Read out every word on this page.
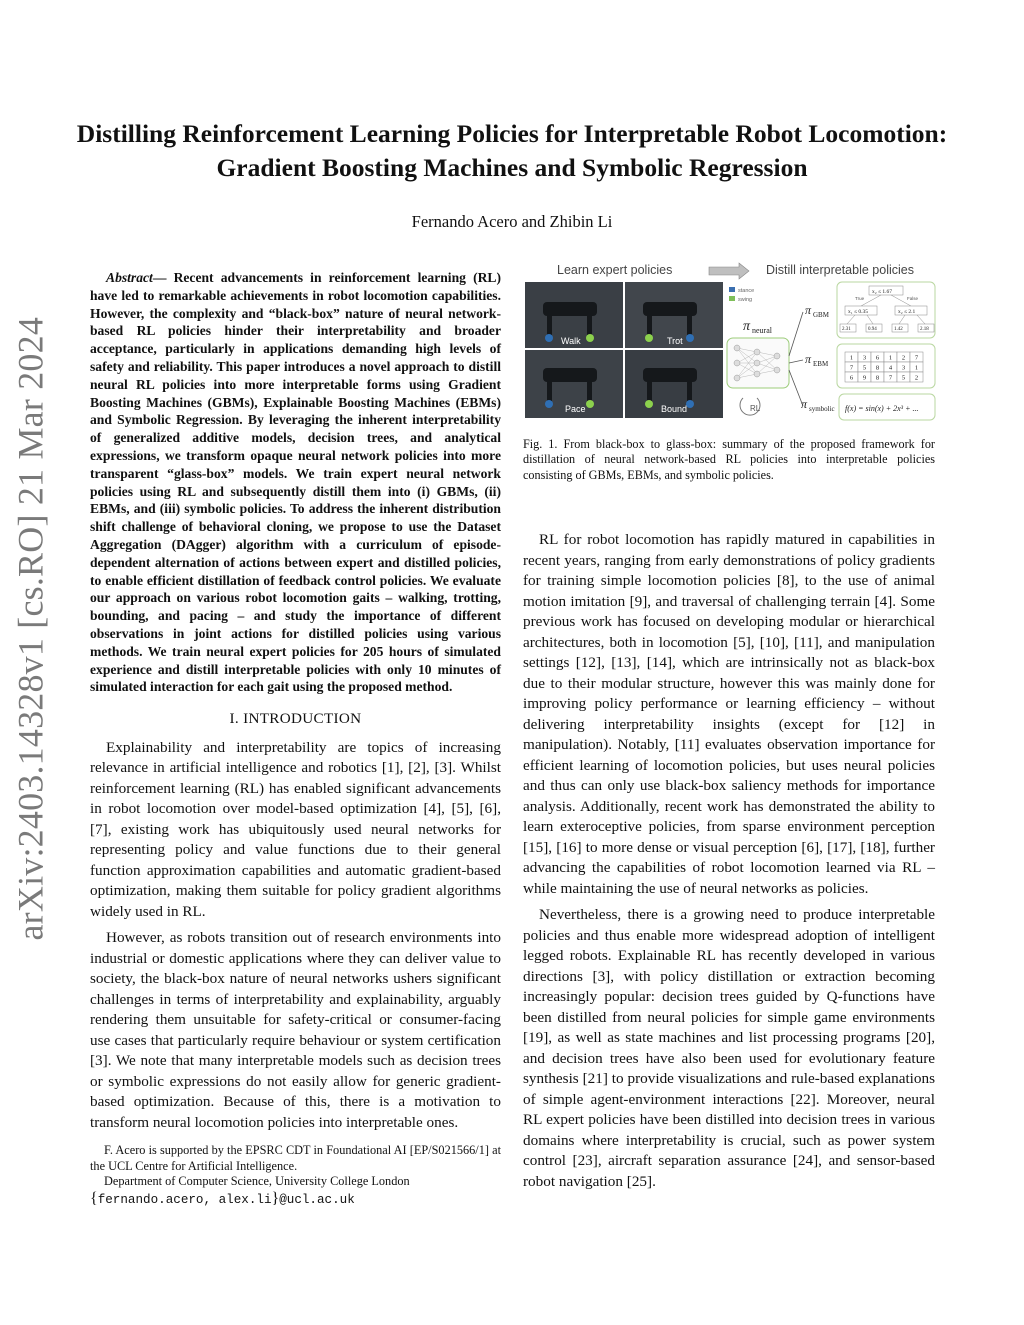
arXiv:2403.14328v1 [cs.RO] 21 Mar 2024
Distilling Reinforcement Learning Policies for Interpretable Robot Locomotion: Gradient Boosting Machines and Symbolic Regression
Fernando Acero and Zhibin Li

Abstract— Recent advancements in reinforcement learning (RL) have led to remarkable achievements in robot locomotion capabilities. However, the complexity and “black-box” nature of neural network-based RL policies hinder their interpretability and broader acceptance, particularly in applications demanding high levels of safety and reliability. This paper introduces a novel approach to distill neural RL policies into more interpretable forms using Gradient Boosting Machines (GBMs), Explainable Boosting Machines (EBMs) and Symbolic Regression. By leveraging the inherent interpretability of generalized additive models, decision trees, and analytical expressions, we transform opaque neural network policies into more transparent “glass-box” models. We train expert neural network policies using RL and subsequently distill them into (i) GBMs, (ii) EBMs, and (iii) symbolic policies. To address the inherent distribution shift challenge of behavioral cloning, we propose to use the Dataset Aggregation (DAgger) algorithm with a curriculum of episode-dependent alternation of actions between expert and distilled policies, to enable efficient distillation of feedback control policies. We evaluate our approach on various robot locomotion gaits – walking, trotting, bounding, and pacing – and study the importance of different observations in joint actions for distilled policies using various methods. We train neural expert policies for 205 hours of simulated experience and distill interpretable policies with only 10 minutes of simulated interaction for each gait using the proposed method.

I. INTRODUCTION

Explainability and interpretability are topics of increasing relevance in artificial intelligence and robotics [1], [2], [3]. Whilst reinforcement learning (RL) has enabled significant advancements in robot locomotion over model-based optimization [4], [5], [6], [7], existing work has ubiquitously used neural networks for representing policy and value functions due to their general function approximation capabilities and automatic gradient-based optimization, making them suitable for policy gradient algorithms widely used in RL.

However, as robots transition out of research environments into industrial or domestic applications where they can deliver value to society, the black-box nature of neural networks ushers significant challenges in terms of interpretability and explainability, arguably rendering them unsuitable for safety-critical or consumer-facing use cases that particularly require behaviour or system certification [3]. We note that many interpretable models such as decision trees or symbolic expressions do not easily allow for generic gradient-based optimization. Because of this, there is a motivation to transform neural locomotion policies into interpretable ones.

F. Acero is supported by the EPSRC CDT in Foundational AI [EP/S021566/1] at the UCL Centre for Artificial Intelligence.

Department of Computer Science, University College London

{fernando.acero, alex.li}@ucl.ac.uk

Learn expert policies	Distill interpretable policies
Walk	Trot
Pace	Bound
stance
swing
π neural
RL
π GBM
x₂ ≤ 1.67
True	False
x₁ ≤ 0.35	x₂ ≤ 2.1
2.31	0.94	1.42	2.18
π EBM
1 3 6 1 2 7
7 5 8 4 3 1
6 9 8 7 5 2
π symbolic f(x) = sin(x) + 2x³ + ...
Fig. 1. From black-box to glass-box: summary of the proposed framework for distillation of neural network-based RL policies into interpretable policies consisting of GBMs, EBMs, and symbolic policies.

RL for robot locomotion has rapidly matured in capabilities in recent years, ranging from early demonstrations of policy gradients for training simple locomotion policies [8], to the use of animal motion imitation [9], and traversal of challenging terrain [4]. Some previous work has focused on developing modular or hierarchical architectures, both in locomotion [5], [10], [11], and manipulation settings [12], [13], [14], which are intrinsically not as black-box due to their modular structure, however this was mainly done for improving policy performance or learning efficiency – without delivering interpretability insights (except for [12] in manipulation). Notably, [11] evaluates observation importance for efficient learning of locomotion policies, but uses neural policies and thus can only use black-box saliency methods for importance analysis. Additionally, recent work has demonstrated the ability to learn exteroceptive policies, from sparse environment perception [15], [16] to more dense or visual perception [6], [17], [18], further advancing the capabilities of robot locomotion learned via RL – while maintaining the use of neural networks as policies.

Nevertheless, there is a growing need to produce interpretable policies and thus enable more widespread adoption of intelligent legged robots. Explainable RL has recently developed in various directions [3], with policy distillation or extraction becoming increasingly popular: decision trees guided by Q-functions have been distilled from neural policies for simple game environments [19], as well as state machines and list processing programs [20], and decision trees have also been used for evolutionary feature synthesis [21] to provide visualizations and rule-based explanations of simple agent-environment interactions [22]. Moreover, neural RL expert policies have been distilled into decision trees in various domains where interpretability is crucial, such as power system control [23], aircraft separation assurance [24], and sensor-based robot navigation [25].
